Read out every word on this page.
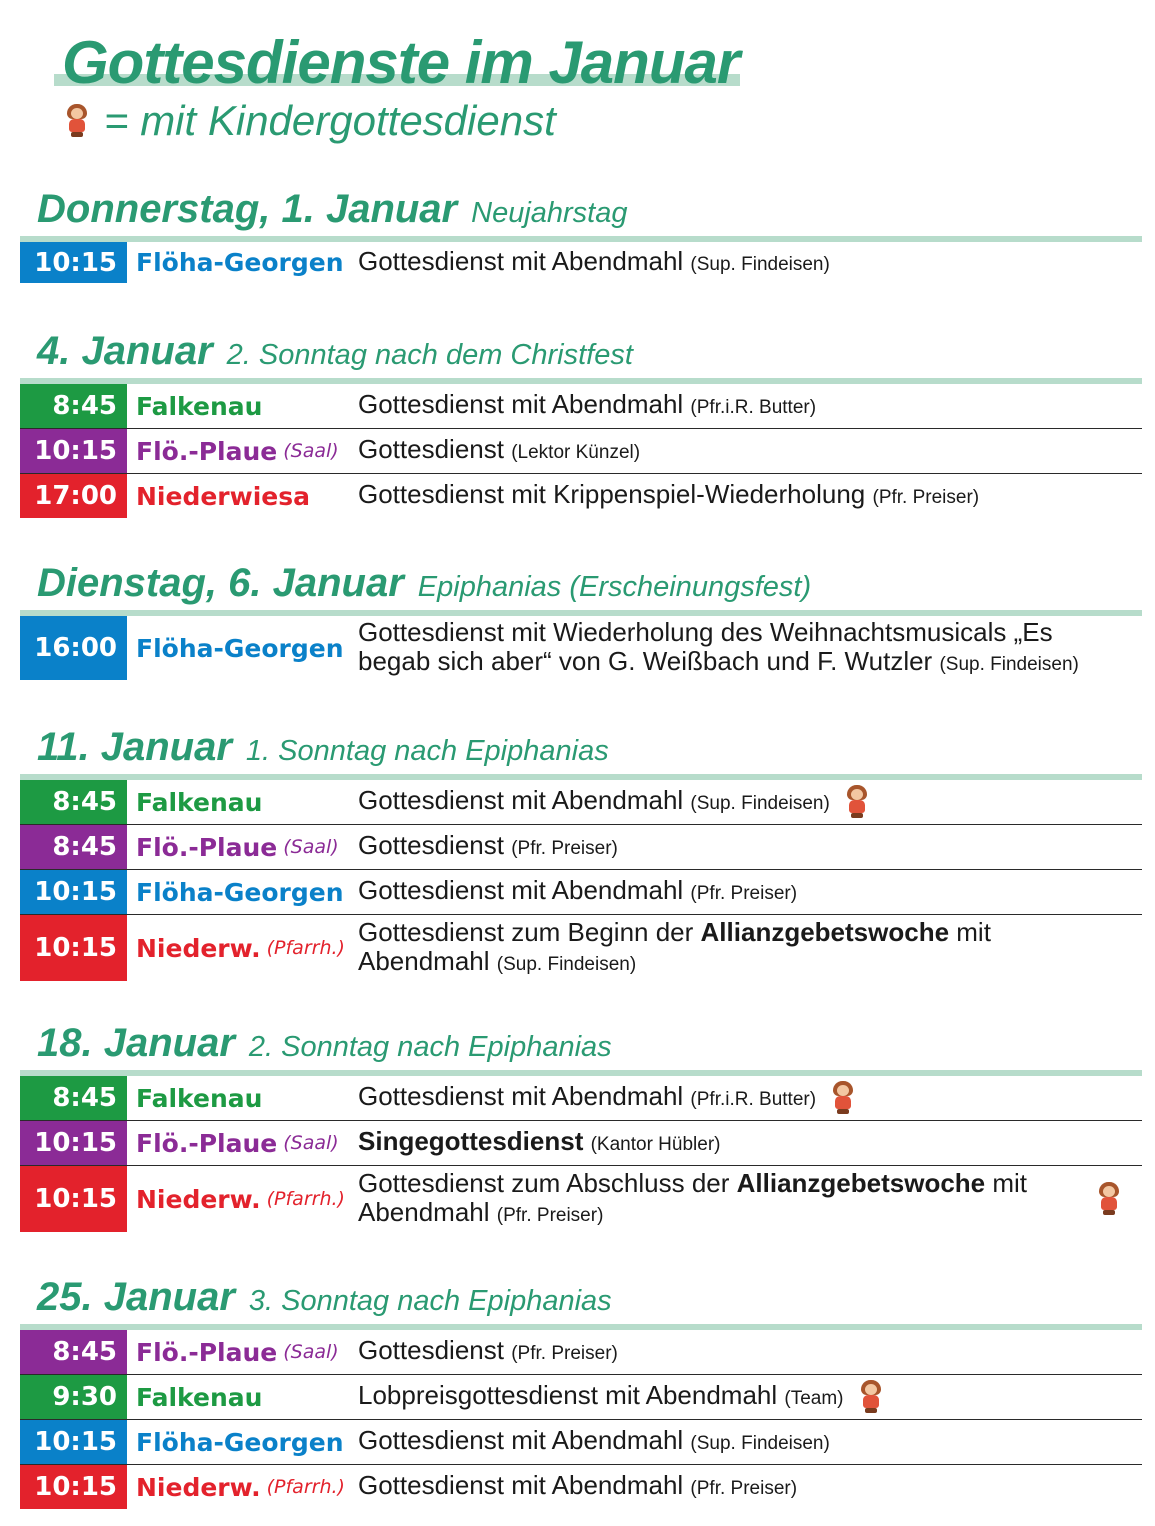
Gottesdienste im Januar
= mit Kindergottesdienst
Donnerstag, 1. Januar Neujahrstag
10:15 Flöha-Georgen Gottesdienst mit Abendmahl (Sup. Findeisen)
4. Januar 2. Sonntag nach dem Christfest
8:45 Falkenau	Gottesdienst mit Abendmahl (Pfr.i.R. Butter)
10:15 Flö.-Plaue (Saal) Gottesdienst (Lektor Künzel)
17:00 Niederwiesa Gottesdienst mit Krippenspiel-Wiederholung (Pfr. Preiser)
Dienstag, 6. Januar Epiphanias (Erscheinungsfest)
16:00 Flöha-Georgen
Gottesdienst mit Wiederholung des Weihnachtsmusicals „Es begab sich aber“ von G. Weißbach und F. Wutzler (Sup. Findeisen)
11. Januar 1. Sonntag nach Epiphanias
8:45 Falkenau	Gottesdienst mit Abendmahl (Sup. Findeisen)
8:45 Flö.-Plaue (Saal) Gottesdienst (Pfr. Preiser)
10:15 Flöha-Georgen Gottesdienst mit Abendmahl (Pfr. Preiser)
10:15 Niederw. (Pfarrh.)
Gottesdienst zum Beginn der Allianzgebetswoche mit Abendmahl (Sup. Findeisen)
18. Januar 2. Sonntag nach Epiphanias
8:45 Falkenau	Gottesdienst mit Abendmahl (Pfr.i.R. Butter)
10:15 Flö.-Plaue (Saal) Singegottesdienst (Kantor Hübler)
10:15 Niederw. (Pfarrh.)
Gottesdienst zum Abschluss der Allianzgebetswoche mit Abendmahl (Pfr. Preiser)
25. Januar 3. Sonntag nach Epiphanias
8:45 Flö.-Plaue (Saal) Gottesdienst (Pfr. Preiser)
9:30 Falkenau	Lobpreisgottesdienst mit Abendmahl (Team)
10:15 Flöha-Georgen Gottesdienst mit Abendmahl (Sup. Findeisen)
10:15 Niederw. (Pfarrh.) Gottesdienst mit Abendmahl (Pfr. Preiser)
